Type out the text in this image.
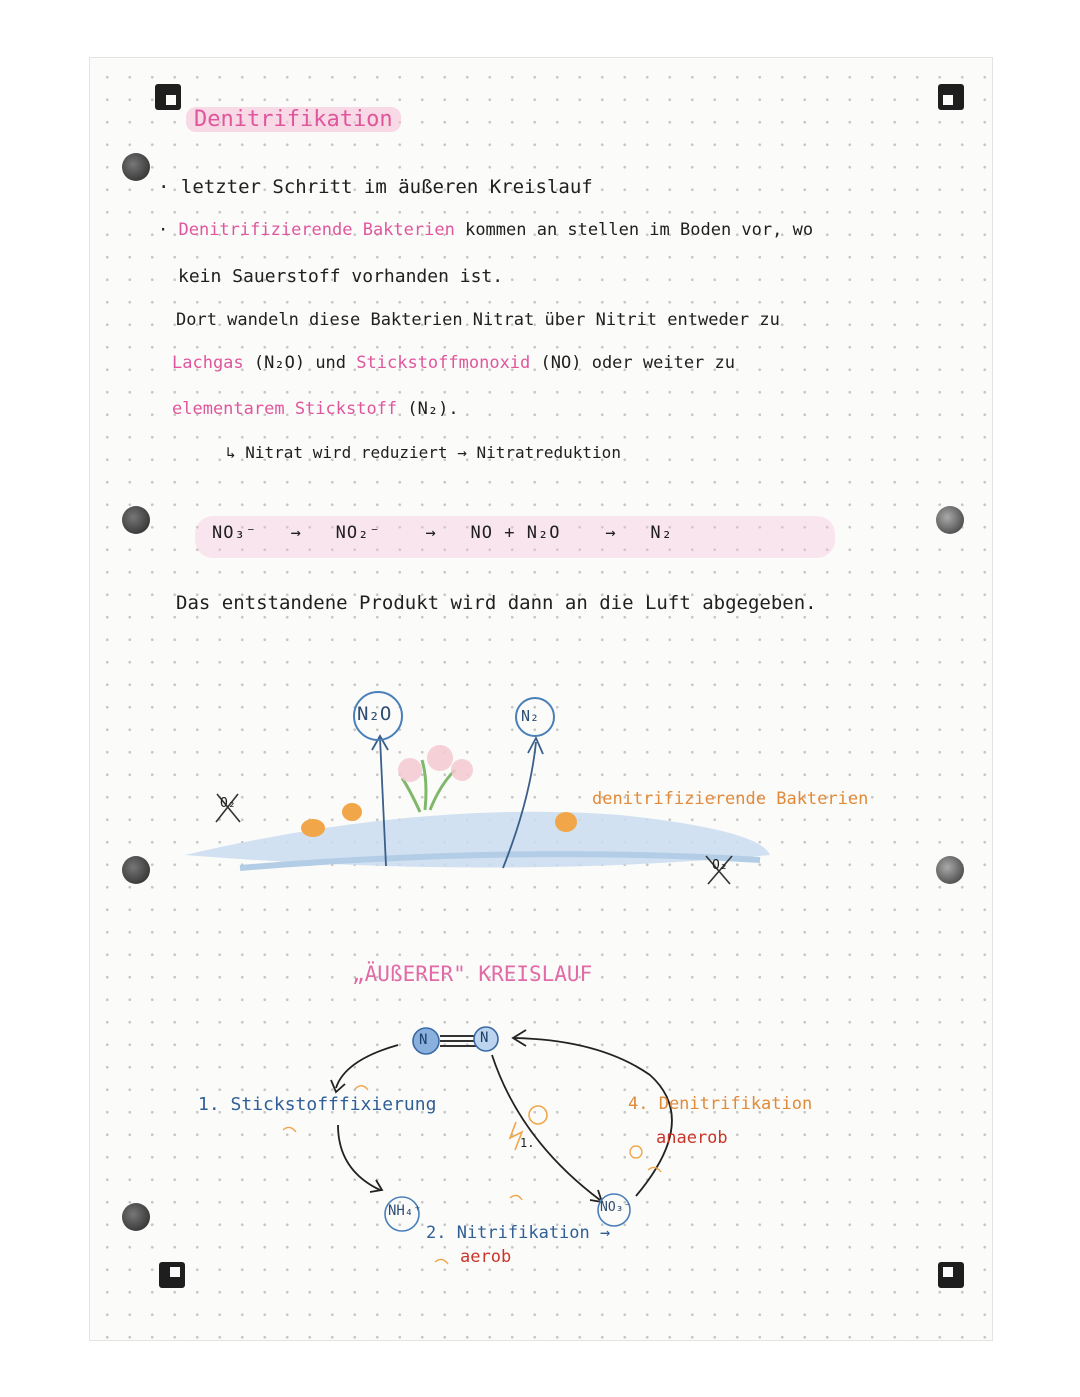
Denitrifikation
· letzter Schritt im äußeren Kreislauf
· Denitrifizierende Bakterien kommen an stellen im Boden vor, wo
kein Sauerstoff vorhanden ist.
Dort wandeln diese Bakterien Nitrat über Nitrit entweder zu
Lachgas (N₂O) und Stickstoffmonoxid (NO) oder weiter zu
elementarem Stickstoff (N₂).
↳ Nitrat wird reduziert → Nitratreduktion
NO₃⁻ → NO₂⁻	→ NO + N₂O	→ N₂
Das entstandene Produkt wird dann an die Luft abgegeben.
N₂O	N₂
denitrifizierende Bakterien
O₂
O₂
„ÄUßERER" KREISLAUF
N	N
1. Stickstofffixierung
NH₄⁺	NO₃⁻
2. Nitrifikation →
aerob
4. Denitrifikation
anaerob
1.
